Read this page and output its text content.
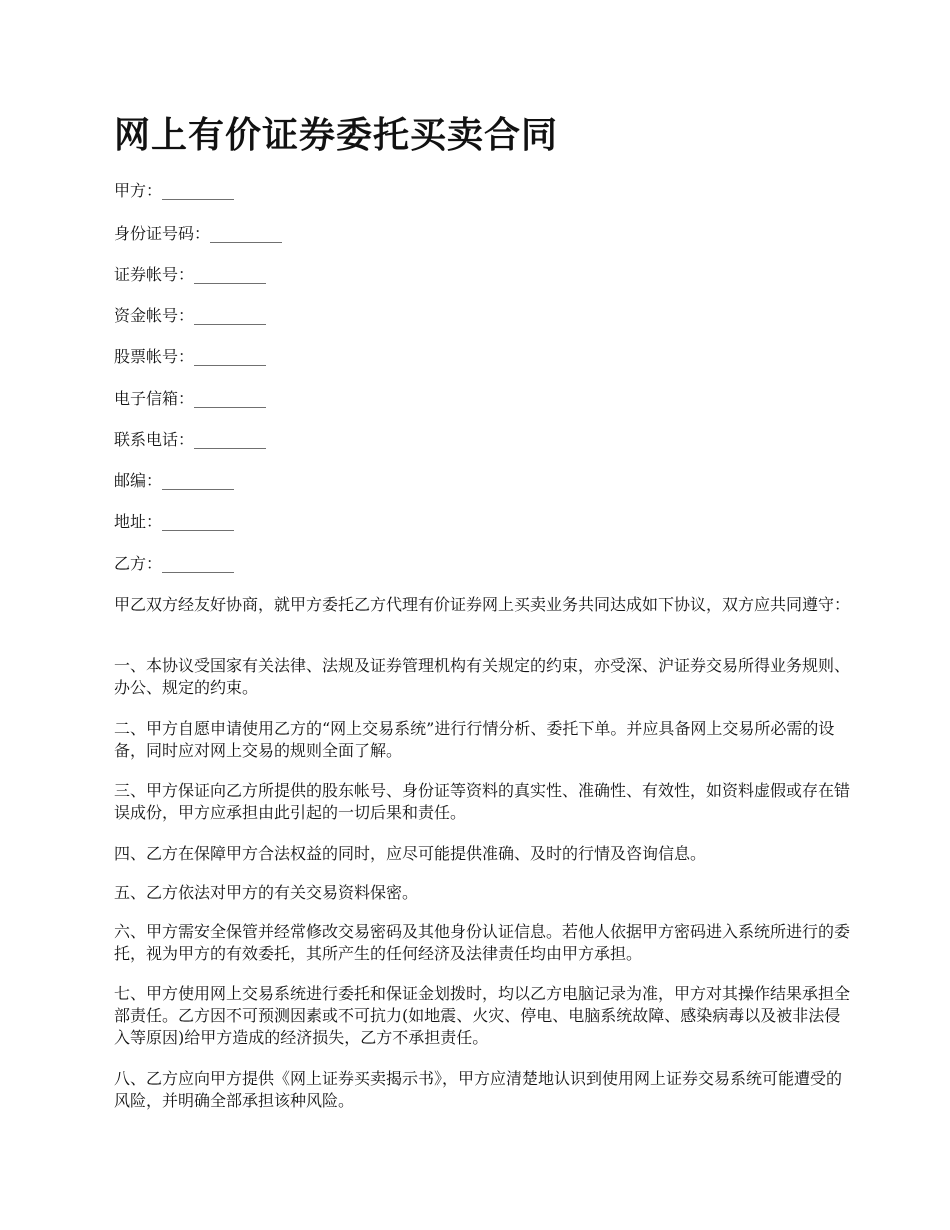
网上有价证券委托买卖合同

甲方：_________

身份证号码：_________

证券帐号：_________

资金帐号：_________

股票帐号：_________

电子信箱：_________

联系电话：_________

邮编：_________

地址：_________

乙方：_________

甲乙双方经友好协商，就甲方委托乙方代理有价证券网上买卖业务共同达成如下协议，双方应共同遵守：

一、本协议受国家有关法律、法规及证券管理机构有关规定的约束，亦受深、沪证券交易所得业务规则、办公、规定的约束。

二、甲方自愿申请使用乙方的“网上交易系统”进行行情分析、委托下单。并应具备网上交易所必需的设备，同时应对网上交易的规则全面了解。

三、甲方保证向乙方所提供的股东帐号、身份证等资料的真实性、准确性、有效性，如资料虚假或存在错误成份，甲方应承担由此引起的一切后果和责任。

四、乙方在保障甲方合法权益的同时，应尽可能提供准确、及时的行情及咨询信息。

五、乙方依法对甲方的有关交易资料保密。

六、甲方需安全保管并经常修改交易密码及其他身份认证信息。若他人依据甲方密码进入系统所进行的委托，视为甲方的有效委托，其所产生的任何经济及法律责任均由甲方承担。

七、甲方使用网上交易系统进行委托和保证金划拨时，均以乙方电脑记录为准，甲方对其操作结果承担全部责任。乙方因不可预测因素或不可抗力(如地震、火灾、停电、电脑系统故障、感染病毒以及被非法侵入等原因)给甲方造成的经济损失，乙方不承担责任。

八、乙方应向甲方提供《网上证券买卖揭示书》，甲方应清楚地认识到使用网上证券交易系统可能遭受的风险，并明确全部承担该种风险。
